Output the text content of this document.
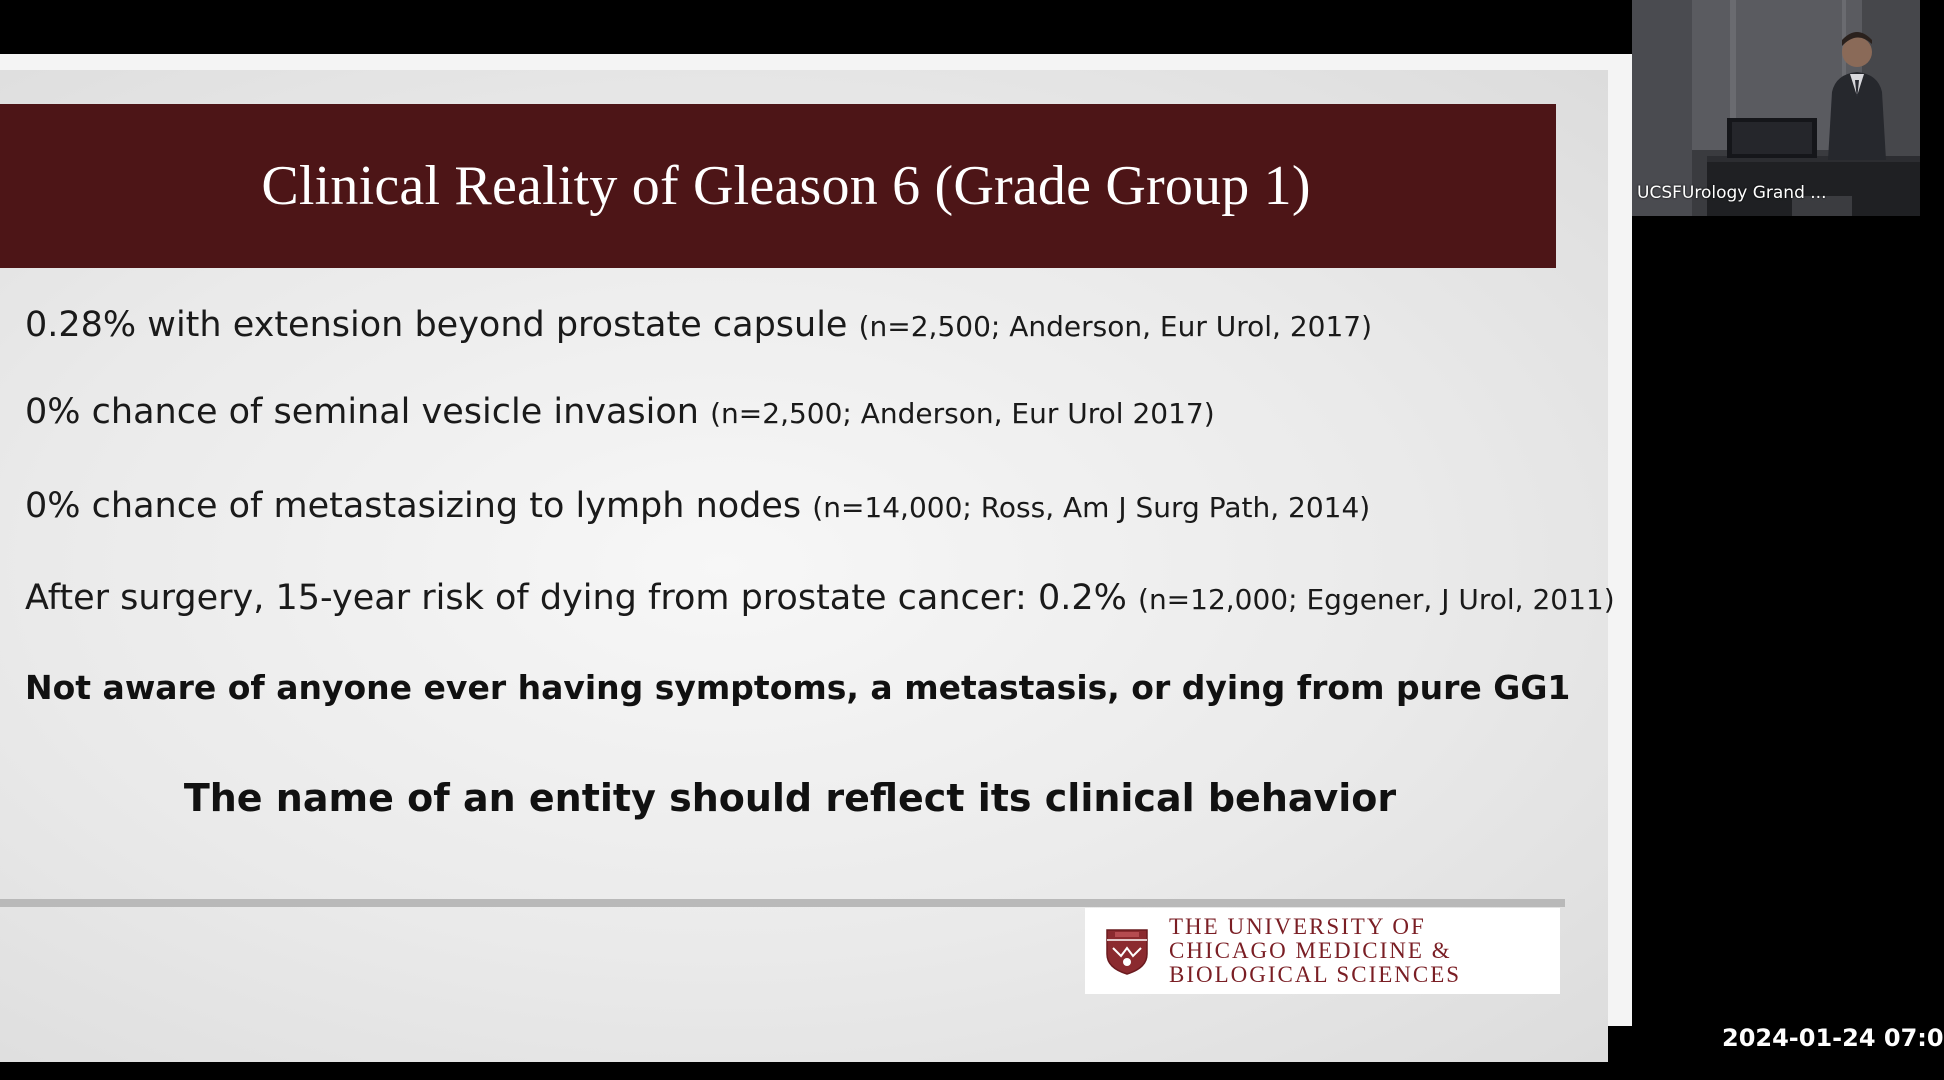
Clinical Reality of Gleason 6 (Grade Group 1)
0.28% with extension beyond prostate capsule (n=2,500; Anderson, Eur Urol, 2017)
0% chance of seminal vesicle invasion (n=2,500; Anderson, Eur Urol 2017)
0% chance of metastasizing to lymph nodes (n=14,000; Ross, Am J Surg Path, 2014)
After surgery, 15-year risk of dying from prostate cancer: 0.2% (n=12,000; Eggener, J Urol, 2011)
Not aware of anyone ever having symptoms, a metastasis, or dying from pure GG1
The name of an entity should reflect its clinical behavior
THE UNIVERSITY OF
CHICAGO MEDICINE &
BIOLOGICAL SCIENCES
UCSFUrology Grand ...
2024-01-24 07:0
